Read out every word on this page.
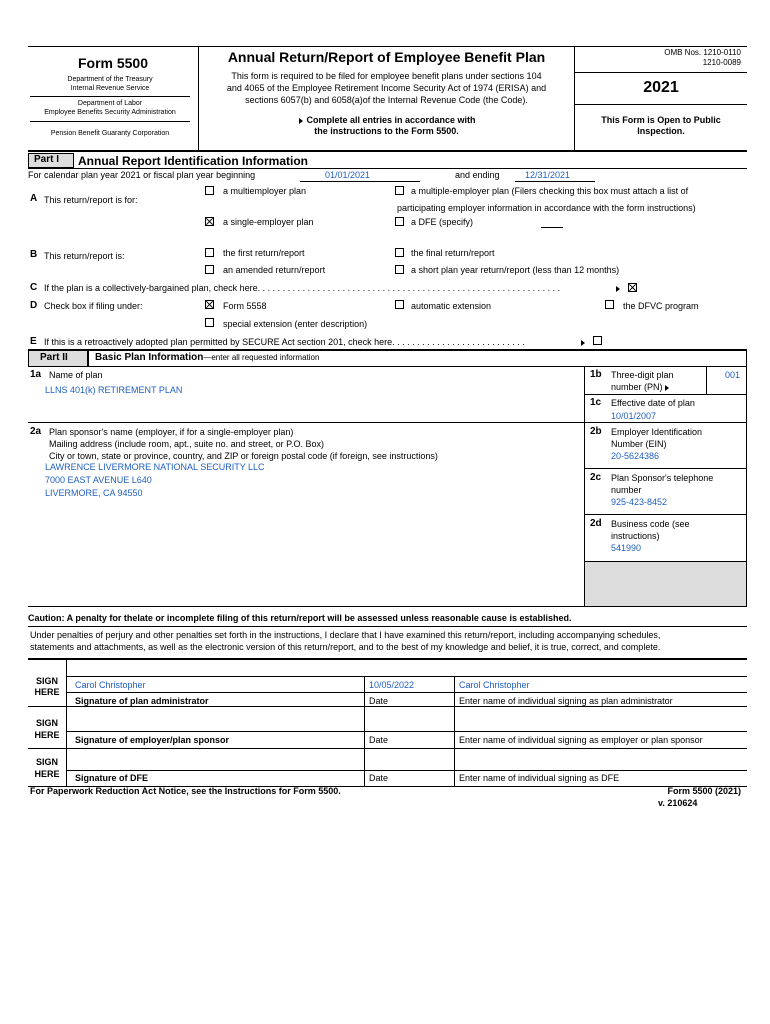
Form 5500
Department of the Treasury
Internal Revenue Service
Department of Labor
Employee Benefits Security Administration
Pension Benefit Guaranty Corporation
Annual Return/Report of Employee Benefit Plan
This form is required to be filed for employee benefit plans under sections 104
and 4065 of the Employee Retirement Income Security Act of 1974 (ERISA) and
sections 6057(b) and 6058(a)of the Internal Revenue Code (the Code).
Complete all entries in accordance with
the instructions to the Form 5500.
OMB Nos. 1210-0110
1210-0089
2021
This Form is Open to Public
Inspection.
Part I Annual Report Identification Information
For calendar plan year 2021 or fiscal plan year beginning	01/01/2021	and ending	12/31/2021
A This return/report is for:
a multiemployer plan	a multiple-employer plan (Filers checking this box must attach a list of
participating employer information in accordance with the form instructions)
a single-employer plan	a DFE (specify)
B This return/report is:	the first return/report	the final return/report
an amended return/report	a short plan year return/report (less than 12 months)
C If the plan is a collectively-bargained plan, check here. . . . . . . . . . . . . . . . . . . . . . . . . . . . . . . . . . . . . . . . . . . . . . . . . . . . . . . . . . . . .
D Check box if filing under:	Form 5558	automatic extension	the DFVC program
special extension (enter description)
E If this is a retroactively adopted plan permitted by SECURE Act section 201, check here. . . . . . . . . . . . . . . . . . . . . . . . . . .
Part II	Basic Plan Information—enter all requested information
1a Name of plan
LLNS 401(k) RETIREMENT PLAN
1b Three-digit plan
number (PN)
001
1c Effective date of plan
10/01/2007
2a Plan sponsor's name (employer, if for a single-employer plan)
Mailing address (include room, apt., suite no. and street, or P.O. Box)
City or town, state or province, country, and ZIP or foreign postal code (if foreign, see instructions)
LAWRENCE LIVERMORE NATIONAL SECURITY LLC
7000 EAST AVENUE L640
LIVERMORE, CA 94550
2b Employer Identification
Number (EIN)
20-5624386
2c Plan Sponsor's telephone
number
925-423-8452
2d Business code (see
instructions)
541990
Caution: A penalty for thelate or incomplete filing of this return/report will be assessed unless reasonable cause is established.
Under penalties of perjury and other penalties set forth in the instructions, I declare that I have examined this return/report, including accompanying schedules,
statements and attachments, as well as the electronic version of this return/report, and to the best of my knowledge and belief, it is true, correct, and complete.
SIGN
HERE
Carol Christopher	10/05/2022	Carol Christopher
Signature of plan administrator	Date	Enter name of individual signing as plan administrator
SIGN
HERE	Signature of employer/plan sponsor	Date	Enter name of individual signing as employer or plan sponsor
SIGN
HERE	Signature of DFE	Date	Enter name of individual signing as DFE
For Paperwork Reduction Act Notice, see the Instructions for Form 5500.	Form 5500 (2021)
v. 210624
